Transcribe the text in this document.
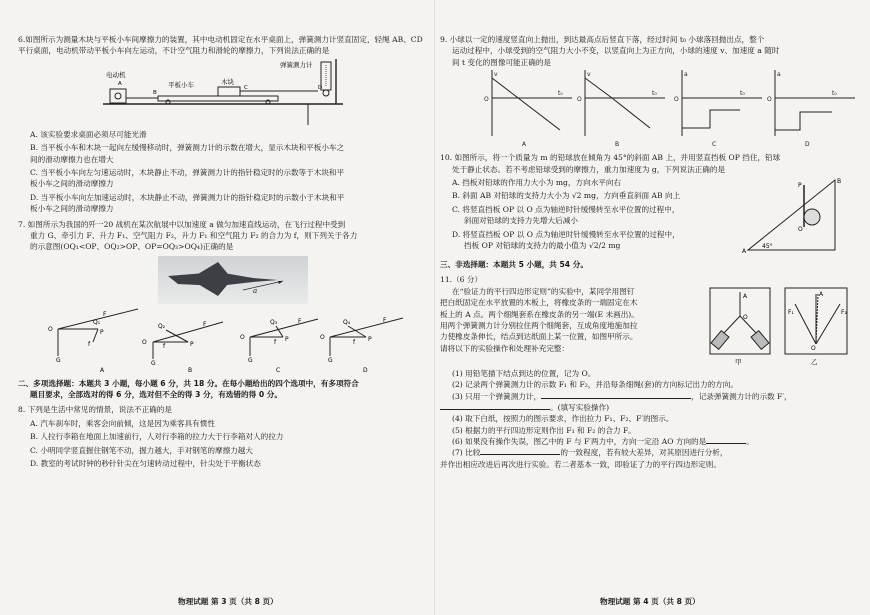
6.如图所示为测量木块与平板小车间摩擦力的装置，其中电动机固定在水平桌面上，弹簧测力计竖直固定，轻绳 AB、CD 平行桌面，电动机带动平板小车向左运动，不计空气阻力和滑轮的摩擦力，下列说法正确的是

电动机
A
B
平板小车	木块
C	D
弹簧测力计

A. 该实验要求桌面必须尽可能光滑

B. 当平板小车和木块一起向左缓慢移动时，弹簧测力计的示数在增大，显示木块和平板小车之

间的滑动摩擦力也在增大

C. 当平板小车向左匀速运动时，木块静止不动，弹簧测力计的指针稳定时的示数等于木块和平

板小车之间的滑动摩擦力

D. 当平板小车向左加速运动时，木块静止不动，弹簧测力计的指针稳定时的示数小于木块和平

板小车之间的滑动摩擦力

7. 如图所示为我国的歼一20 战机在某次航展中以加速度 a 做匀加速直线运动，在飞行过程中受到

重力 G、牵引力 F、升力 F₁、空气阻力 F₂，升力 F₁ 和空气阻力 F₂ 的合力为 f，则下列关于各力

的示意图(OQ₁<OP、OQ₂>OP、OP=OQ₃>OQ₄)正确的是

a
O
G
Q₁
P
f
F
A
O
G
Q₂
P
f
F
B
O
G
Q₃
P
f
F
C
O
G
Q₄
P
f
F
D

二、多项选择题：本题共 3 小题，每小题 6 分，共 18 分。在每小题给出的四个选项中，有多项符合

题目要求，全部选对的得 6 分，选对但不全的得 3 分，有选错的得 0 分。

8. 下列是生活中常见的情景，说法不正确的是

A. 汽车刹车时，乘客会向前倾，这是因为乘客具有惯性

B. 人拉行李箱在地面上加速前行，人对行李箱的拉力大于行李箱对人的拉力

C. 小明同学竖直握住钢笔不动，握力越大，手对钢笔的摩擦力越大

D. 教室的考试时钟的秒针针尖在匀速转动过程中，针尖处于平衡状态

物理试题 第 3 页（共 8 页）

9. 小球以一定的速度竖直向上抛出，到达最高点后竖直下落，经过时间 t₀ 小球落回抛出点，整个

运动过程中，小球受到的空气阻力大小不变，以竖直向上为正方向，小球的速度 v、加速度 a 随时

间 t 变化的图像可能正确的是

O
v
t₀
O
v
t₀
O
a
t₀
O
a
t₀
A	B	C	D

10. 如图所示，将一个质量为 m 的铅球放在倾角为 45°的斜面 AB 上，并用竖直挡板 OP 挡住，铅球

处于静止状态。若不考虑铅球受到的摩擦力，重力加速度为 g，下列说法正确的是

A. 挡板对铅球的作用力大小为 mg，方向水平向右

B. 斜面 AB 对铅球的支持力大小为 √2 mg，方向垂直斜面 AB 向上

C. 将竖直挡板 OP 以 O 点为轴逆时针缓慢转至水平位置的过程中，

斜面对铅球的支持力先增大后减小

D. 将竖直挡板 OP 以 O 点为轴逆时针缓慢转至水平位置的过程中，

挡板 OP 对铅球的支持力的最小值为 √2/2 mg

P
O
B
A
45°
三、非选择题：本题共 5 小题，共 54 分。

11.（6 分）

在“验证力的平行四边形定则”的实验中，某同学用图钉

把白纸固定在水平放置的木板上，将橡皮条的一端固定在木

板上的 A 点。两个细绳套系在橡皮条的另一端(E 未画出)。

用两个弹簧测力计分别拉住两个细绳套，互成角度地施加拉

力使橡皮条伸长，结点到达纸面上某一位置，如图甲所示。

请将以下的实验操作和处理补充完整：

A
O
甲
A
O
F₁	F₂
乙

(1) 用铅笔描下结点到达的位置，记为 O。

(2) 记录两个弹簧测力计的示数 F₁ 和 F₂，并沿每条细绳(套)的方向标记出力的方向。

(3) 只用一个弹簧测力计，	，记录弹簧测力计的示数 F′，

。(填写实验操作)

(4) 取下白纸，按照力的图示要求，作出拉力 F₁、F₂、F′的图示。

(5) 根据力的平行四边形定则作出 F₁ 和 F₂ 的合力 F。

(6) 如果没有操作失误，图乙中的 F 与 F′两力中，方向一定沿 AO 方向的是	。

(7) 比较	的一致程度，若有较大差异，对其原因进行分析，

并作出相应改进后再次进行实验。若二者基本一致，即验证了力的平行四边形定则。

物理试题 第 4 页（共 8 页）
